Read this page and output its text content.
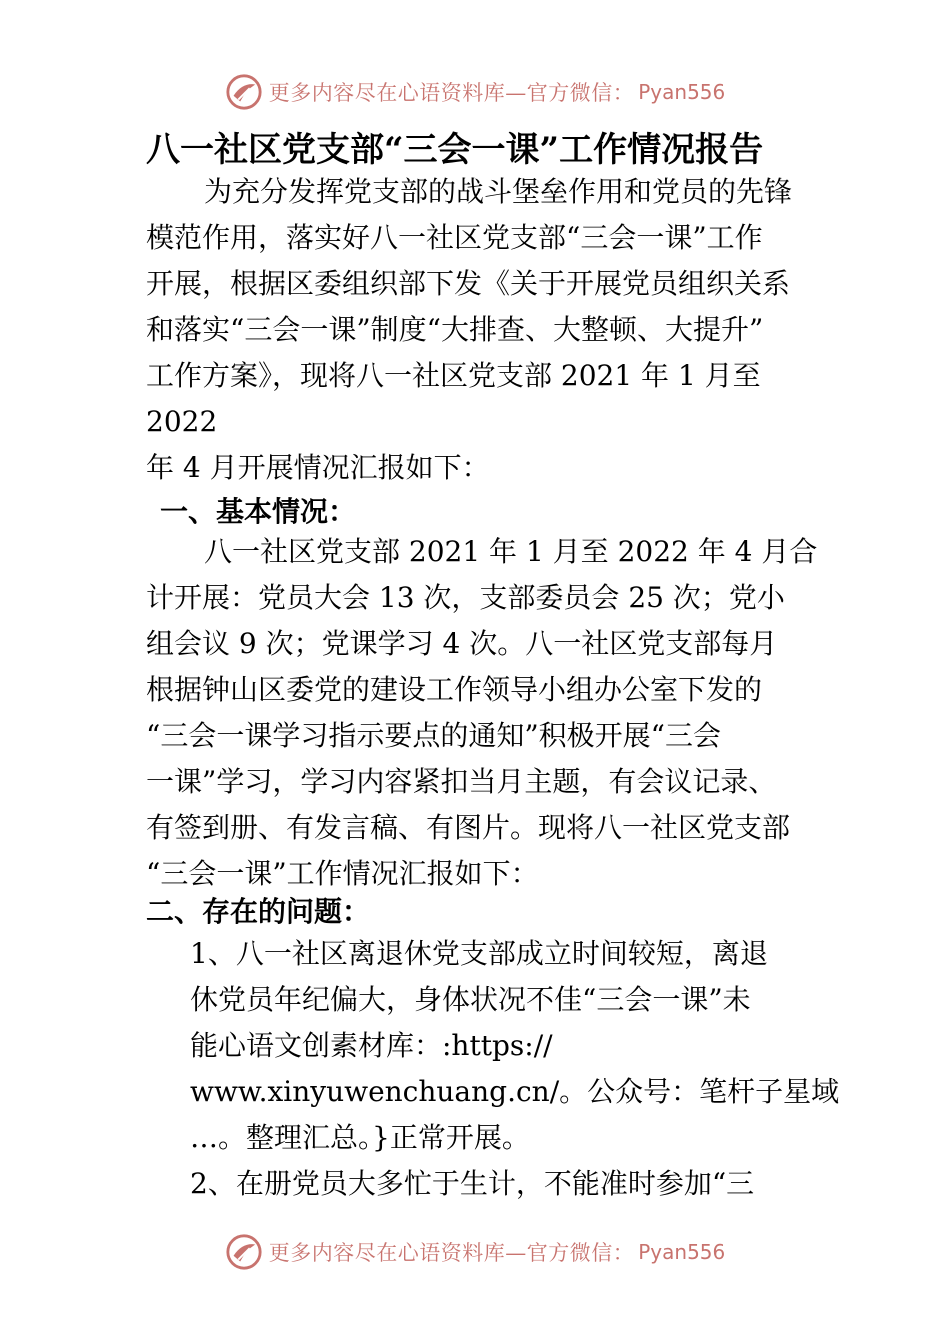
更多内容尽在心语资料库—官方微信： Pyan556
八一社区党支部“三会一课”工作情况报告
为充分发挥党支部的战斗堡垒作用和党员的先锋
模范作用，落实好八一社区党支部“三会一课”工作
开展，根据区委组织部下发《关于开展党员组织关系
和落实“三会一课”制度“大排查、大整顿、大提升”
工作方案》，现将八一社区党支部 2021 年 1 月至
2022
年 4 月开展情况汇报如下：
一、基本情况：
八一社区党支部 2021 年 1 月至 2022 年 4 月合
计开展：党员大会 13 次，支部委员会 25 次；党小
组会议 9 次；党课学习 4 次。八一社区党支部每月
根据钟山区委党的建设工作领导小组办公室下发的
“三会一课学习指示要点的通知”积极开展“三会
一课”学习，学习内容紧扣当月主题，有会议记录、
有签到册、有发言稿、有图片。现将八一社区党支部
“三会一课”工作情况汇报如下：
二、存在的问题：
1、八一社区离退休党支部成立时间较短，离退
休党员年纪偏大，身体状况不佳“三会一课”未
能心语文创素材库：:https://
www.xinyuwenchuang.cn/。公众号：笔杆子星域
…。整理汇总。}正常开展。
2、在册党员大多忙于生计，不能准时参加“三
更多内容尽在心语资料库—官方微信： Pyan556
